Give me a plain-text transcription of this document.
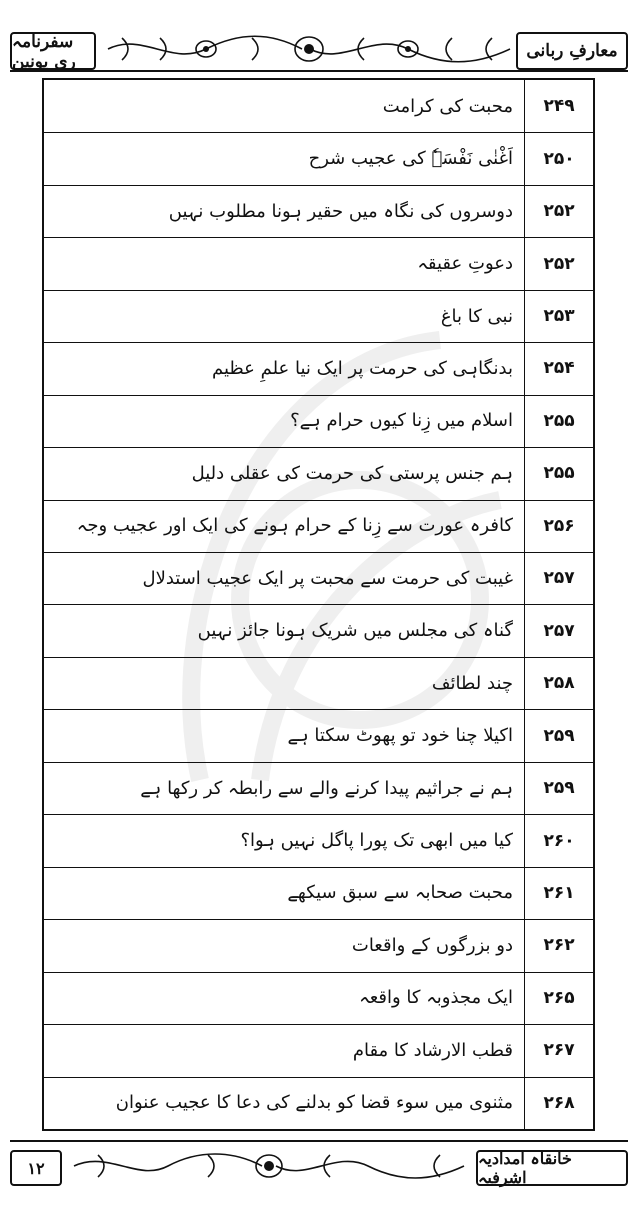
سفرنامہ ری یونین
معارفِ ربانی
۲۴۹
محبت کی کرامت
۲۵۰
اَغْنٰی نَفْسَہٗ کی عجیب شرح
۲۵۲
دوسروں کی نگاہ میں حقیر ہونا مطلوب نہیں
۲۵۲
دعوتِ عقیقہ
۲۵۳
نبی کا باغ
۲۵۴
بدنگاہی کی حرمت پر ایک نیا علمِ عظیم
۲۵۵
اسلام میں زِنا کیوں حرام ہے؟
۲۵۵
ہم جنس پرستی کی حرمت کی عقلی دلیل
۲۵۶
کافرہ عورت سے زِنا کے حرام ہونے کی ایک اور عجیب وجہ
۲۵۷
غیبت کی حرمت سے محبت پر ایک عجیب استدلال
۲۵۷
گناہ کی مجلس میں شریک ہونا جائز نہیں
۲۵۸
چند لطائف
۲۵۹
اکیلا چنا خود تو پھوٹ سکتا ہے
۲۵۹
ہم نے جراثیم پیدا کرنے والے سے رابطہ کر رکھا ہے
۲۶۰
کیا میں ابھی تک پورا پاگل نہیں ہوا؟
۲۶۱
محبت صحابہ سے سبق سیکھے
۲۶۲
دو بزرگوں کے واقعات
۲۶۵
ایک مجذوبہ کا واقعہ
۲۶۷
قطب الارشاد کا مقام
۲۶۸
مثنوی میں سوء قضا کو بدلنے کی دعا کا عجیب عنوان
۱۲	خانقاہ امدادیہ اشرفیہ
